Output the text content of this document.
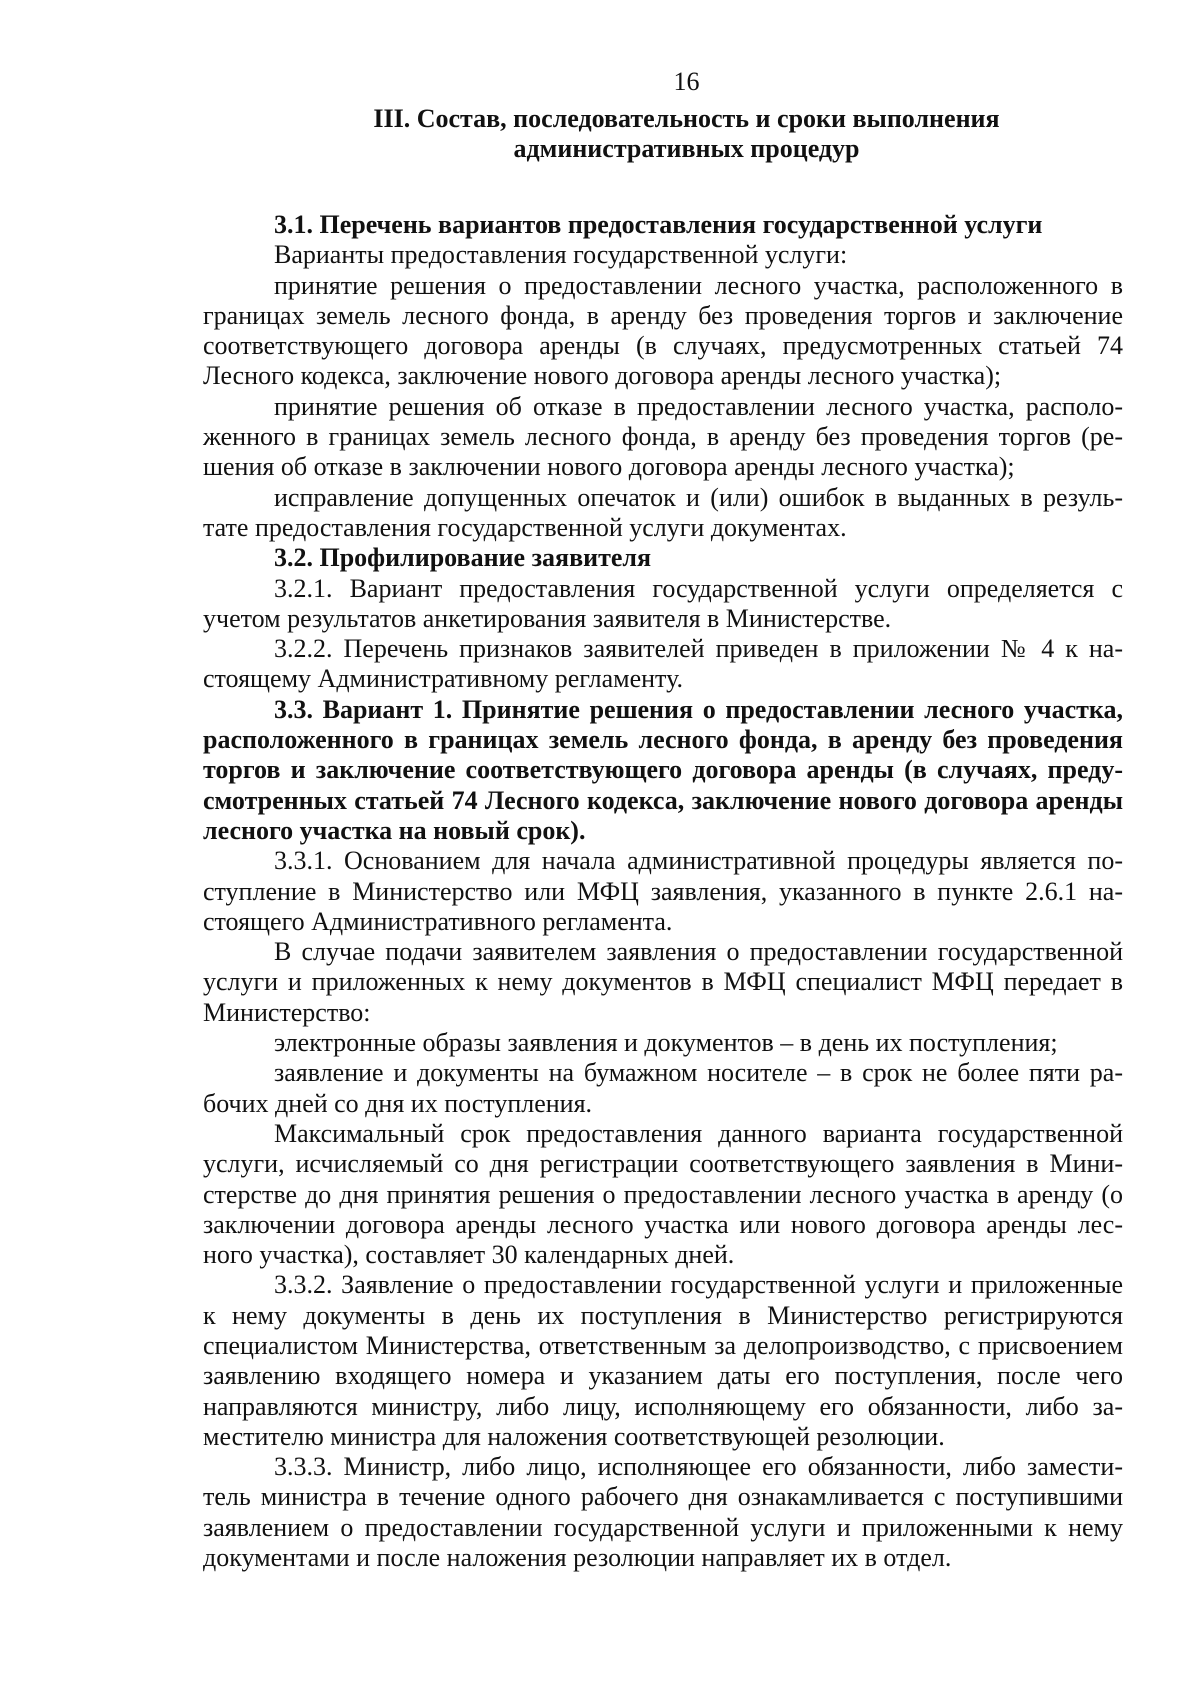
16
III. Состав, последовательность и сроки выполнения
административных процедур

3.1. Перечень вариантов предоставления государственной услуги

Варианты предоставления государственной услуги:

принятие решения о предоставлении лесного участка, расположенного в границах земель лесного фонда, в аренду без проведения торгов и заключение соответствующего договора аренды (в случаях, предусмотренных статьей 74 Лесного кодекса, заключение нового договора аренды лесного участка);

принятие решения об отказе в предоставлении лесного участка, расположенного в границах земель лесного фонда, в аренду без проведения торгов (решения об отказе в заключении нового договора аренды лесного участка);

исправление допущенных опечаток и (или) ошибок в выданных в результате предоставления государственной услуги документах.

3.2. Профилирование заявителя

3.2.1. Вариант предоставления государственной услуги определяется с учетом результатов анкетирования заявителя в Министерстве.

3.2.2. Перечень признаков заявителей приведен в приложении № 4 к настоящему Административному регламенту.

3.3. Вариант 1. Принятие решения о предоставлении лесного участка, расположенного в границах земель лесного фонда, в аренду без проведения торгов и заключение соответствующего договора аренды (в случаях, предусмотренных статьей 74 Лесного кодекса, заключение нового договора аренды лесного участка на новый срок).

3.3.1. Основанием для начала административной процедуры является поступление в Министерство или МФЦ заявления, указанного в пункте 2.6.1 настоящего Административного регламента.

В случае подачи заявителем заявления о предоставлении государственной услуги и приложенных к нему документов в МФЦ специалист МФЦ передает в Министерство:

электронные образы заявления и документов – в день их поступления;

заявление и документы на бумажном носителе – в срок не более пяти рабочих дней со дня их поступления.

Максимальный срок предоставления данного варианта государственной услуги, исчисляемый со дня регистрации соответствующего заявления в Министерстве до дня принятия решения о предоставлении лесного участка в аренду (о заключении договора аренды лесного участка или нового договора аренды лесного участка), составляет 30 календарных дней.

3.3.2. Заявление о предоставлении государственной услуги и приложенные к нему документы в день их поступления в Министерство регистрируются специалистом Министерства, ответственным за делопроизводство, с присвоением заявлению входящего номера и указанием даты его поступления, после чего направляются министру, либо лицу, исполняющему его обязанности, либо заместителю министра для наложения соответствующей резолюции.

3.3.3. Министр, либо лицо, исполняющее его обязанности, либо заместитель министра в течение одного рабочего дня ознакамливается с поступившими заявлением о предоставлении государственной услуги и приложенными к нему документами и после наложения резолюции направляет их в отдел.
